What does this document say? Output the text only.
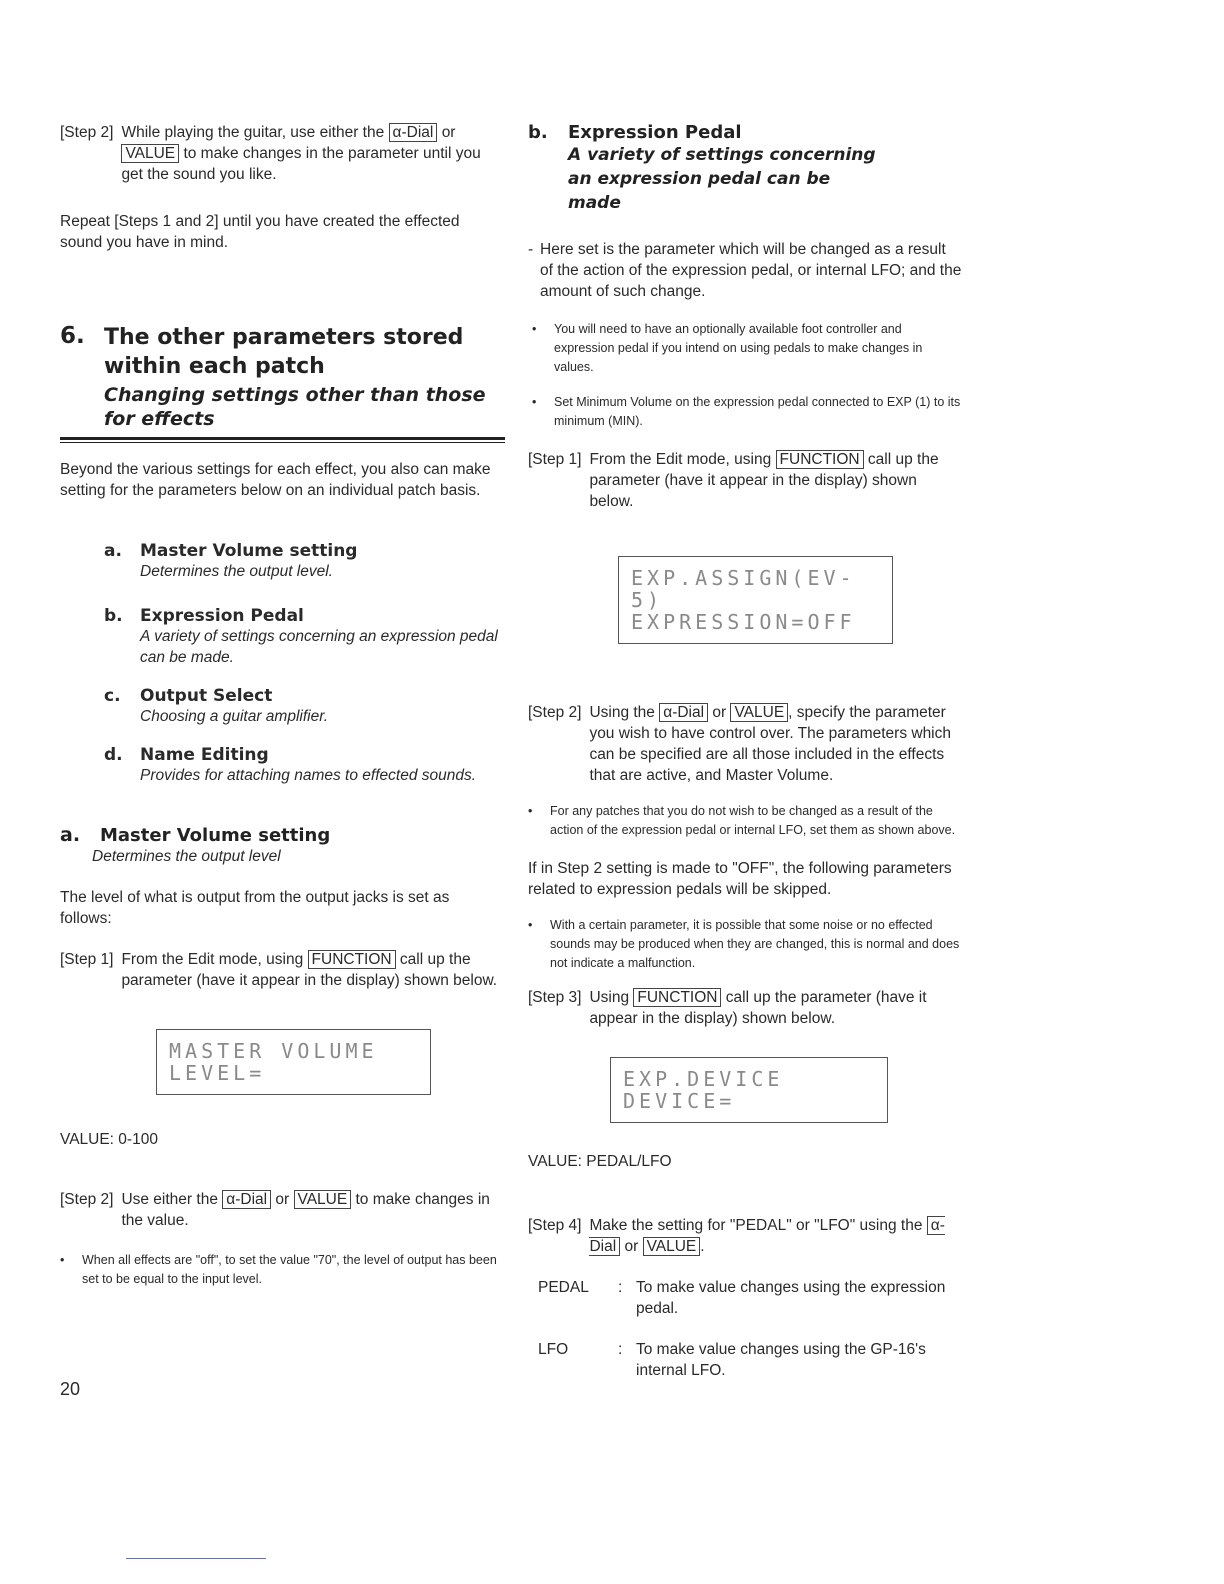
[Step 2] While playing the guitar, use either the α-Dial or VALUE to make changes in the parameter until you get the sound you like.

Repeat [Steps 1 and 2] until you have created the effected sound you have in mind.

6. The other parameters stored within each patch
Changing settings other than those for effects

Beyond the various settings for each effect, you also can make setting for the parameters below on an individual patch basis.

a.	Master Volume setting
Determines the output level.
b.	Expression Pedal
A variety of settings concerning an expression pedal can be made.
c.	Output Select
Choosing a guitar amplifier.
d.	Name Editing
Provides for attaching names to effected sounds.
a.	Master Volume setting
Determines the output level

The level of what is output from the output jacks is set as follows:

[Step 1] From the Edit mode, using FUNCTION call up the parameter (have it appear in the display) shown below.
MASTER VOLUME
LEVEL=

VALUE: 0-100

[Step 2] Use either the α-Dial or VALUE to make changes in the value.
•	When all effects are "off", to set the value "70", the level of output has been set to be equal to the input level.

20

b.	Expression Pedal
A variety of settings concerning an expression pedal can be made
- Here set is the parameter which will be changed as a result of the action of the expression pedal, or internal LFO; and the amount of such change.
•	You will need to have an optionally available foot controller and expression pedal if you intend on using pedals to make changes in values.
•	Set Minimum Volume on the expression pedal connected to EXP (1) to its minimum (MIN).
[Step 1] From the Edit mode, using FUNCTION call up the parameter (have it appear in the display) shown below.
EXP.ASSIGN(EV-5)
EXPRESSION=OFF
[Step 2] Using the α-Dial or VALUE , specify the parameter you wish to have control over. The parameters which can be specified are all those included in the effects that are active, and Master Volume.
•	For any patches that you do not wish to be changed as a result of the action of the expression pedal or internal LFO, set them as shown above.

If in Step 2 setting is made to "OFF", the following parameters related to expression pedals will be skipped.

•	With a certain parameter, it is possible that some noise or no effected sounds may be produced when they are changed, this is normal and does not indicate a malfunction.
[Step 3] Using FUNCTION call up the parameter (have it appear in the display) shown below.
EXP.DEVICE
DEVICE=

VALUE: PEDAL/LFO

[Step 4] Make the setting for "PEDAL" or "LFO" using the α-Dial or VALUE .
PEDAL	: To make value changes using the expression pedal.
LFO	: To make value changes using the GP-16's internal LFO.
